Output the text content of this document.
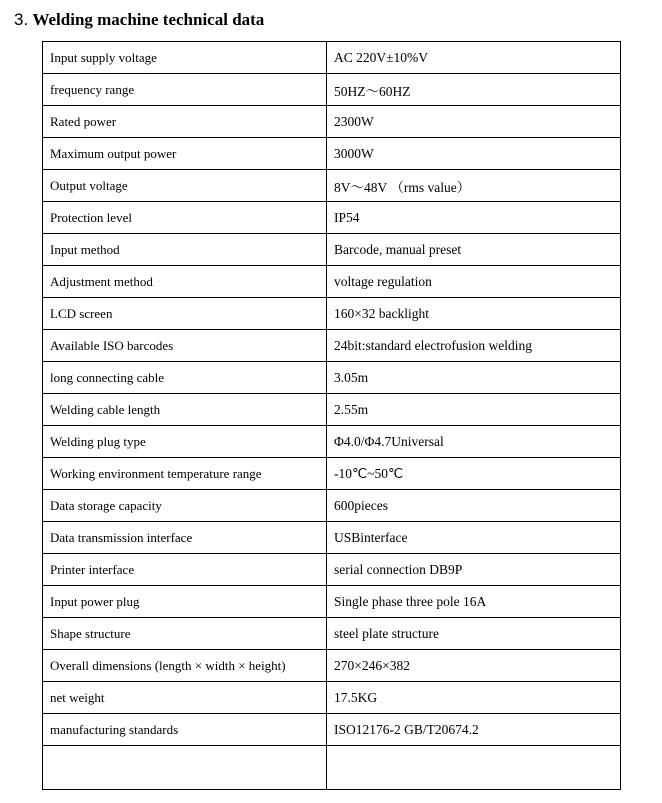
3. Welding machine technical data
Input supply voltage	AC 220V±10%V
frequency range	50HZ～60HZ
Rated power	2300W
Maximum output power	3000W
Output voltage	8V～48V （rms value）
Protection level	IP54
Input method	Barcode, manual preset
Adjustment method	voltage regulation
LCD screen	160×32 backlight
Available ISO barcodes	24bit:standard electrofusion welding
long connecting cable	3.05m
Welding cable length	2.55m
Welding plug type	Φ4.0/Φ4.7Universal
Working environment temperature range	-10℃~50℃
Data storage capacity	600pieces
Data transmission interface	USBinterface
Printer interface	serial connection DB9P
Input power plug	Single phase three pole 16A
Shape structure	steel plate structure
Overall dimensions (length × width × height)	270×246×382
net weight	17.5KG
manufacturing standards	ISO12176-2 GB/T20674.2
